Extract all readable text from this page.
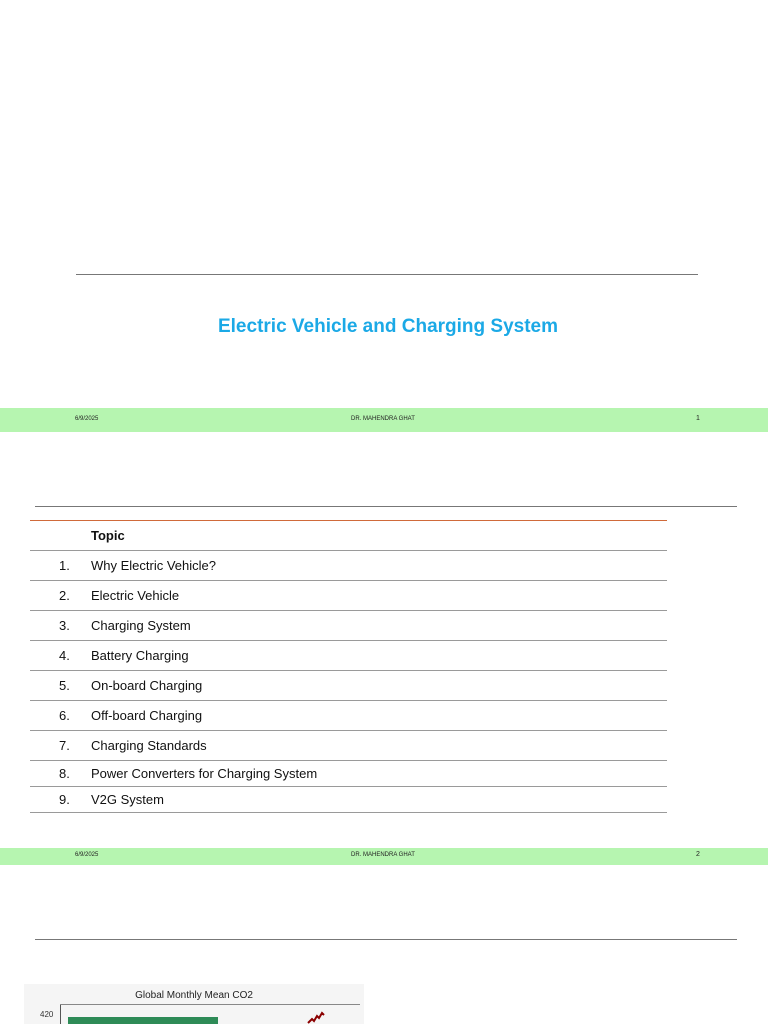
Electric Vehicle and Charging System
6/9/2025	DR. MAHENDRA GHAT	1
Topic
1. Why Electric Vehicle?
2. Electric Vehicle
3. Charging System
4. Battery Charging
5. On-board Charging
6. Off-board Charging
7. Charging Standards
8. Power Converters for Charging System
9. V2G System
6/9/2025	DR. MAHENDRA GHAT	2
Global Monthly Mean CO2
420
